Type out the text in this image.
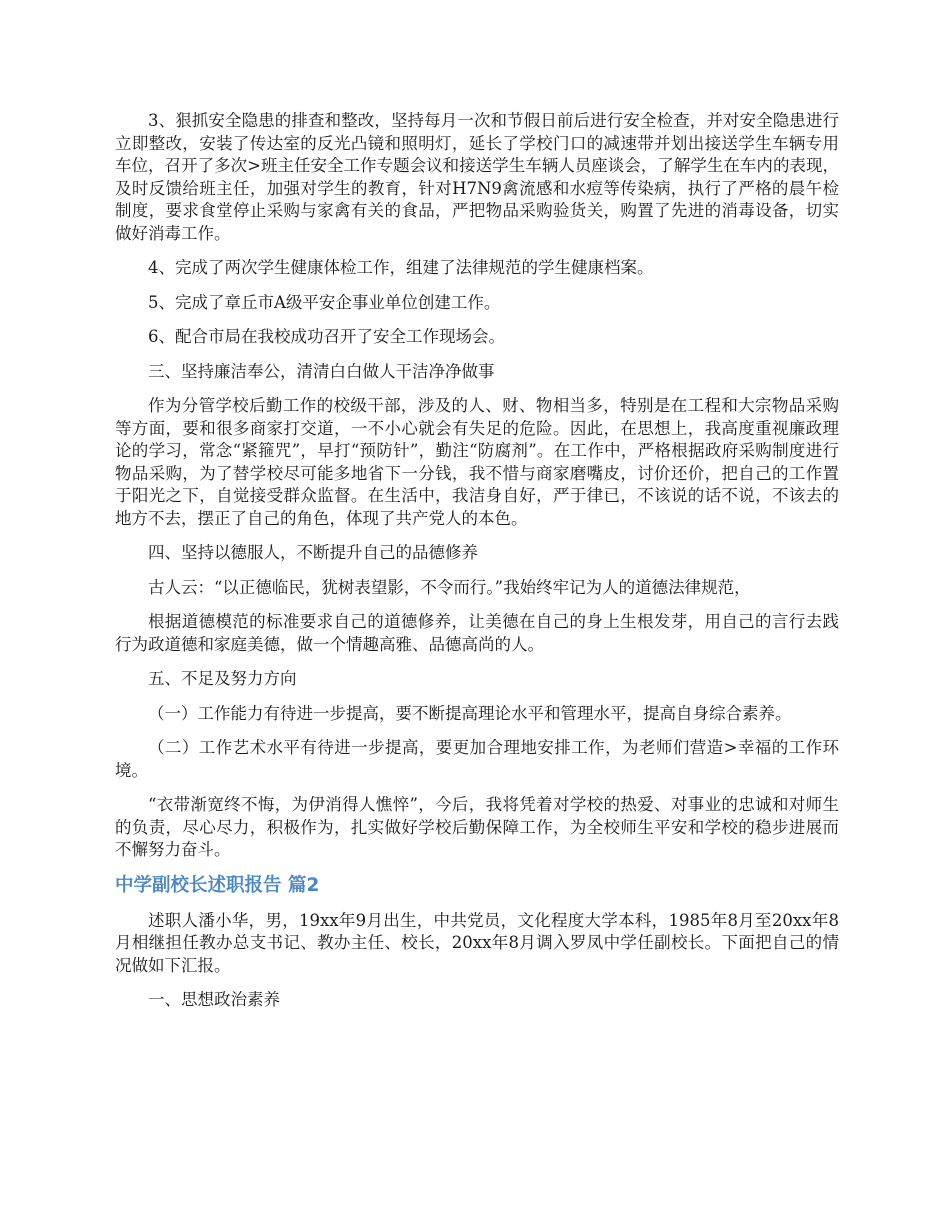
3、狠抓安全隐患的排查和整改，坚持每月一次和节假日前后进行安全检查，并对安全隐患进行立即整改，安装了传达室的反光凸镜和照明灯，延长了学校门口的减速带并划出接送学生车辆专用车位，召开了多次>班主任安全工作专题会议和接送学生车辆人员座谈会，了解学生在车内的表现，及时反馈给班主任，加强对学生的教育，针对H7N9禽流感和水痘等传染病，执行了严格的晨午检制度，要求食堂停止采购与家禽有关的食品，严把物品采购验货关，购置了先进的消毒设备，切实做好消毒工作。

4、完成了两次学生健康体检工作，组建了法律规范的学生健康档案。

5、完成了章丘市A级平安企事业单位创建工作。

6、配合市局在我校成功召开了安全工作现场会。

三、坚持廉洁奉公，清清白白做人干洁净净做事

作为分管学校后勤工作的校级干部，涉及的人、财、物相当多，特别是在工程和大宗物品采购等方面，要和很多商家打交道，一不小心就会有失足的危险。因此，在思想上，我高度重视廉政理论的学习，常念“紧箍咒”，早打“预防针”，勤注“防腐剂”。在工作中，严格根据政府采购制度进行物品采购，为了替学校尽可能多地省下一分钱，我不惜与商家磨嘴皮，讨价还价，把自己的工作置于阳光之下，自觉接受群众监督。在生活中，我洁身自好，严于律已，不该说的话不说，不该去的地方不去，摆正了自己的角色，体现了共产党人的本色。

四、坚持以德服人，不断提升自己的品德修养

古人云：“以正德临民，犹树表望影，不令而行。”我始终牢记为人的道德法律规范，

根据道德模范的标准要求自己的道德修养，让美德在自己的身上生根发芽，用自己的言行去践行为政道德和家庭美德，做一个情趣高雅、品德高尚的人。

五、不足及努力方向

（一）工作能力有待进一步提高，要不断提高理论水平和管理水平，提高自身综合素养。

（二）工作艺术水平有待进一步提高，要更加合理地安排工作，为老师们营造>幸福的工作环境。

“衣带渐宽终不悔，为伊消得人憔悴”，今后，我将凭着对学校的热爱、对事业的忠诚和对师生的负责，尽心尽力，积极作为，扎实做好学校后勤保障工作，为全校师生平安和学校的稳步进展而不懈努力奋斗。

中学副校长述职报告 篇2

述职人潘小华，男，19xx年9月出生，中共党员，文化程度大学本科，1985年8月至20xx年8月相继担任教办总支书记、教办主任、校长，20xx年8月调入罗凤中学任副校长。下面把自己的情况做如下汇报。

一、思想政治素养
